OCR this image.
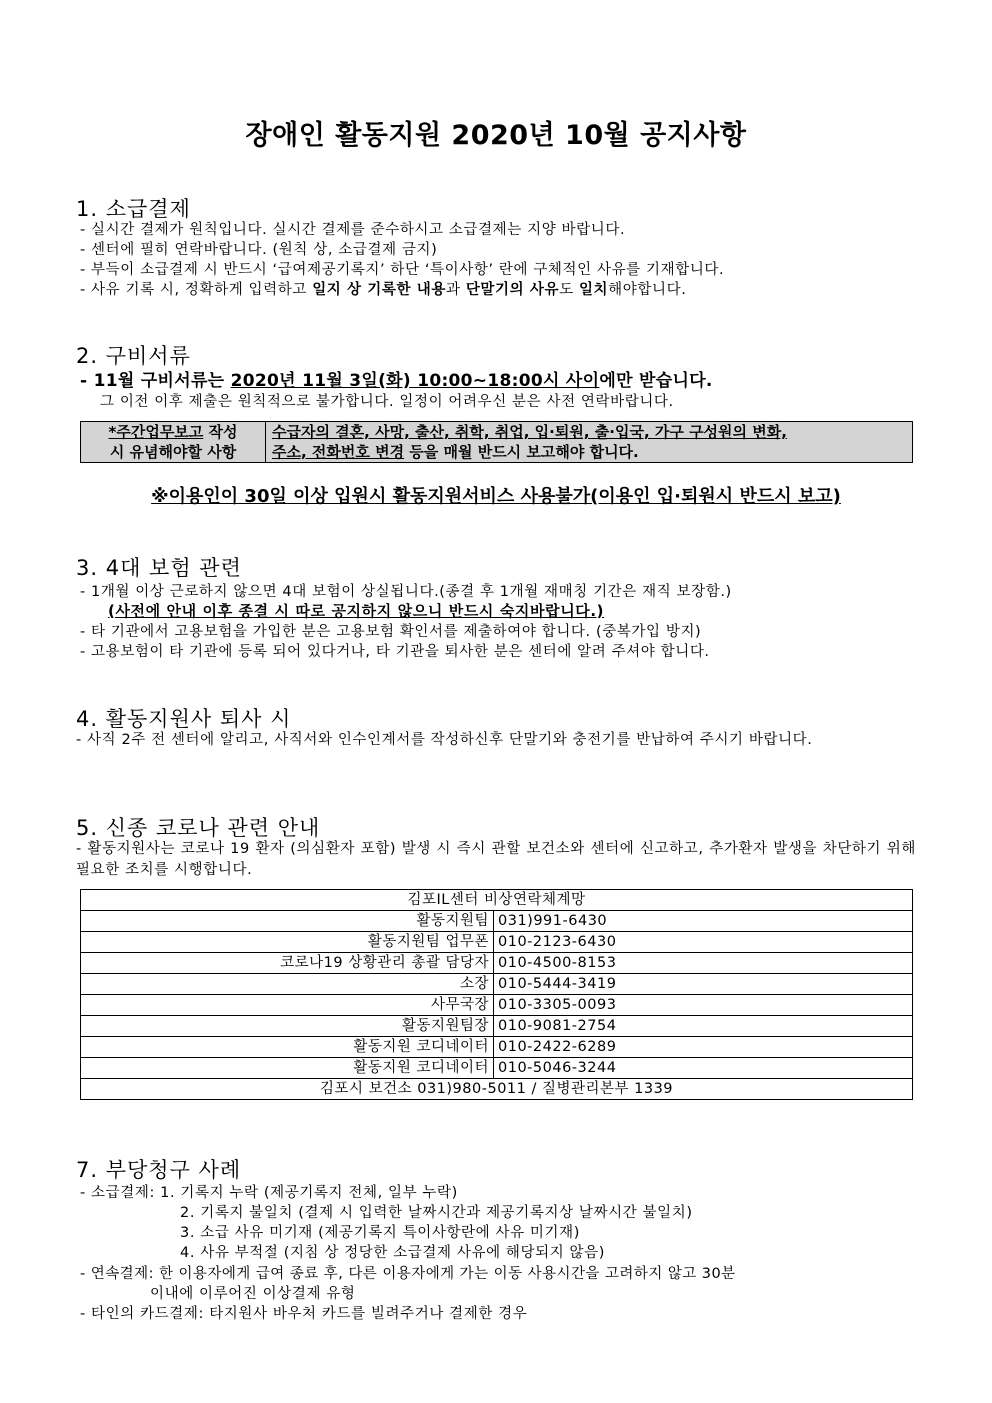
장애인 활동지원 2020년 10월 공지사항
1. 소급결제
- 실시간 결제가 원칙입니다. 실시간 결제를 준수하시고 소급결제는 지양 바랍니다.
- 센터에 필히 연락바랍니다. (원칙 상, 소급결제 금지)
- 부득이 소급결제 시 반드시 ‘급여제공기록지’ 하단 ‘특이사항’ 란에 구체적인 사유를 기재합니다.
- 사유 기록 시, 정확하게 입력하고 일지 상 기록한 내용과 단말기의 사유도 일치해야합니다.
2. 구비서류
- 11월 구비서류는 2020년 11월 3일(화) 10:00~18:00시 사이에만 받습니다.
그 이전 이후 제출은 원칙적으로 불가합니다. 일정이 어려우신 분은 사전 연락바랍니다.
*주간업무보고 작성
시 유념해야할 사항	수급자의 결혼, 사망, 출산, 취학, 취업, 입·퇴원, 출·입국, 가구 구성원의 변화,
주소, 전화번호 변경 등을 매월 반드시 보고해야 합니다.
※이용인이 30일 이상 입원시 활동지원서비스 사용불가(이용인 입·퇴원시 반드시 보고)
3. 4대 보험 관련
- 1개월 이상 근로하지 않으면 4대 보험이 상실됩니다.(종결 후 1개월 재매칭 기간은 재직 보장함.)
(사전에 안내 이후 종결 시 따로 공지하지 않으니 반드시 숙지바랍니다.)
- 타 기관에서 고용보험을 가입한 분은 고용보험 확인서를 제출하여야 합니다. (중복가입 방지)
- 고용보험이 타 기관에 등록 되어 있다거나, 타 기관을 퇴사한 분은 센터에 알려 주셔야 합니다.
4. 활동지원사 퇴사 시
- 사직 2주 전 센터에 알리고, 사직서와 인수인계서를 작성하신후 단말기와 충전기를 반납하여 주시기 바랍니다.
5. 신종 코로나 관련 안내
- 활동지원사는 코로나 19 환자 (의심환자 포함) 발생 시 즉시 관할 보건소와 센터에 신고하고, 추가환자 발생을 차단하기 위해 필요한 조치를 시행합니다.
김포IL센터 비상연락체계망	
활동지원팀	031)991-6430
활동지원팀 업무폰	010-2123-6430
코로나19 상황관리 총괄 담당자	010-4500-8153
소장	010-5444-3419
사무국장	010-3305-0093
활동지원팀장	010-9081-2754
활동지원 코디네이터	010-2422-6289
활동지원 코디네이터	010-5046-3244
김포시 보건소 031)980-5011 / 질병관리본부 1339	
7. 부당청구 사례
- 소급결제: 1. 기록지 누락 (제공기록지 전체, 일부 누락)
2. 기록지 불일치 (결제 시 입력한 날짜시간과 제공기록지상 날짜시간 불일치)
3. 소급 사유 미기재 (제공기록지 특이사항란에 사유 미기재)
4. 사유 부적절 (지침 상 정당한 소급결제 사유에 해당되지 않음)
- 연속결제: 한 이용자에게 급여 종료 후, 다른 이용자에게 가는 이동 사용시간을 고려하지 않고 30분
이내에 이루어진 이상결제 유형
- 타인의 카드결제: 타지원사 바우처 카드를 빌려주거나 결제한 경우
